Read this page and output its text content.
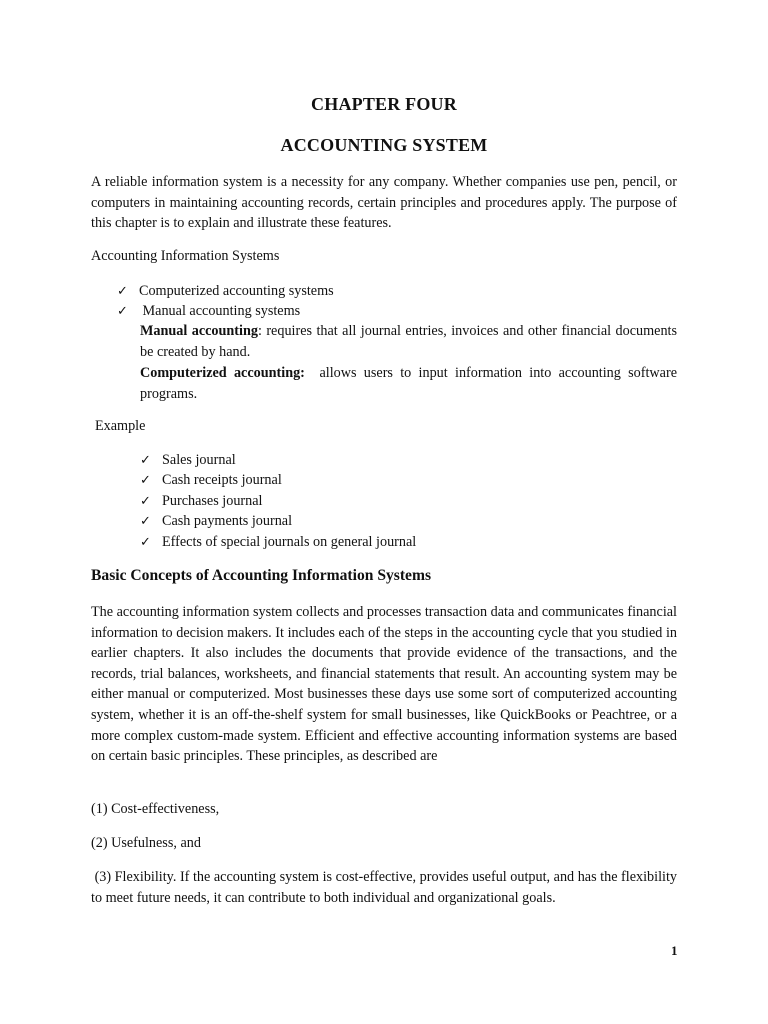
CHAPTER FOUR
ACCOUNTING SYSTEM
A reliable information system is a necessity for any company. Whether companies use pen, pencil, or computers in maintaining accounting records, certain principles and procedures apply. The purpose of this chapter is to explain and illustrate these features.
Accounting Information Systems
✓ Computerized accounting systems
✓ Manual accounting systems
Manual accounting: requires that all journal entries, invoices and other financial documents be created by hand.
Computerized accounting:  allows users to input information into accounting software programs.
Example
✓ Sales journal
✓ Cash receipts journal
✓ Purchases journal
✓ Cash payments journal
✓ Effects of special journals on general journal
Basic Concepts of Accounting Information Systems
The accounting information system collects and processes transaction data and communicates financial information to decision makers. It includes each of the steps in the accounting cycle that you studied in earlier chapters. It also includes the documents that provide evidence of the transactions, and the records, trial balances, worksheets, and financial statements that result. An accounting system may be either manual or computerized. Most businesses these days use some sort of computerized accounting system, whether it is an off-the-shelf system for small businesses, like QuickBooks or Peachtree, or a more complex custom-made system. Efficient and effective accounting information systems are based on certain basic principles. These principles, as described are
(1) Cost-effectiveness,
(2) Usefulness, and
(3) Flexibility. If the accounting system is cost-effective, provides useful output, and has the flexibility to meet future needs, it can contribute to both individual and organizational goals.
1
